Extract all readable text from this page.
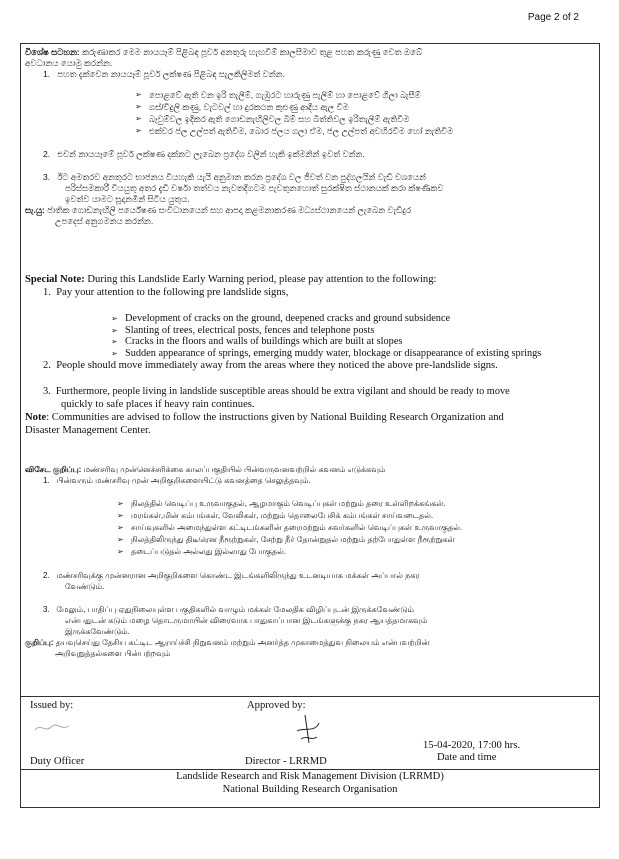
Page 2 of 2
විශේෂ සටහන: කරුණාකර මෙම නායයෑම් පිළිබඳ පූර්ව අනතුරු හැඟවීම් කාලසීමාව තුළ පහත කරුණු වෙත ඔබේ
අවධානය යොමු කරන්න.
1.   පහත දැක්වෙන නායයෑම් පූර්ව ලක්ෂණ පිළිබඳ සැලකිලිමත් වන්න.
➢ පොළවේ ඇති වන ඉරි තැලීම්, ගැඹුරට හාරුණු පැලීම් හා පොළවේ ගිලා බැසීම්
➢ ගස්/විදුලි කණු, වැටවල් හා දුරකථන කුළුණු ආදිය ඇල වීම
➢ බෑවුම්වල ඉදිකර ඇති ගොඩනැඟිලිවල බිම් සහ බිත්තිවල ඉරිතැලීම් ඇතිවීම
➢ එක්වර ජල උල්පත් ඇතිවීම, බොර ජලය ගලා ඒම, ජල උල්පත් අවහිරවීම හෝ නැතිවීම
2.   එවන් නායයෑමේ පූර්ව ලක්ෂණ දක්නට ලැබෙන ප්‍රදේශ වලින් හැකි ඉක්මනින් ඉවත් වන්න.
3.   ඊට අමතරව අනතුරට භාජනය වියහැකි යැයි අනුමාන කරන ප්‍රදේශ වල ජීවත් වන පුද්ගලයින් වැඩි වශයෙන්
පරිස්සමකාරී වියයුතු අතර දැඩි වර්ෂා තත්වය නැවතදිගටම පැවතුනහොත් සුරක්ෂිත ස්ථානයක් කරා ක්ෂණිකව
ඉවත්ව යාමට සූදානමින් සිටිය යුතුය.
සැ.යු: ජාතික ගොඩනැඟිලි පර්යේෂණ සංවිධානයෙන් සහ ආපදා කළමනාකරණ මධ්‍යස්ථානයෙන් ලැබෙන වැඩිදුර
උපදෙස් අනුගමනය කරන්න.
Special Note: During this Landslide Early Warning period, please pay attention to the following:
1.  Pay your attention to the following pre landslide signs,
➢ Development of cracks on the ground, deepened cracks and ground subsidence
➢ Slanting of trees, electrical posts, fences and telephone posts
➢ Cracks in the floors and walls of buildings which are built at slopes
➢ Sudden appearance of springs, emerging muddy water, blockage or disappearance of existing springs
2.  People should move immediately away from the areas where they noticed the above pre-landslide signs.
3.  Furthermore, people living in landslide susceptible areas should be extra vigilant and should be ready to move
quickly to safe places if heavy rain continues.
Note: Communities are advised to follow the instructions given by National Building Research Organization and
Disaster Management Center.
விசேட குறிப்பு: மண்சரிவு முன்னெச்சரிக்கை காலப்பகுதியில் பின்வருவனவற்றில் கவனம் எடுக்கவும்
1.   பின்வரும் மண்சரிவு முன் அறிகுறிகளையிட்டு கவனத்தை செலுத்தவும்.
➢ நிலத்தில் வெடிப்பு உருவாகுதல், ஆழமாகும் வெடிப்புகள் மற்றும் தரை உள்ளிறக்கங்கள்.
➢ மரங்கள்,மின் கம்பங்கள், வேலிகள், மற்றும் தொலைபேசிக் கம்பங்கள் சாய்வடைதல்.
➢ சாய்வுகளில் அமைந்துள்ள கட்டிடங்களின் தரைமற்றும் சுவர்களில் வெடிப்புகள் உருவாகுதல்.
➢ நிலத்திலிருந்து திடீரென நீரூற்றுகள், சேற்று நீர் தோன்றுதல் மற்றும் தற்போதுள்ள நீரூற்றுகள்
➢ தடைப்படுதல் அல்லது இல்லாது போகுதல்.
2.   மண்சரிவுக்கு முன்னரான அறிகுறிகளை கொண்ட இடங்களிலிருந்து உடனடியாக மக்கள் அப்பால் நகர
வேண்டும்.
3.   மேலும், பாதிப்பு ஏதுநிலையுள்ள பகுதிகளில் வாழும் மக்கள் மேலதிக விழிப்புடன் இருக்கவேண்டும்
என்பதுடன் கடும் மழை தொடருமாயின் விரைவாக பாதுகாப்பான இடங்களுக்கு நகர ஆயத்தமாகவும்
இருக்கவேண்டும்.
குறிப்பு: தயவுசெய்து தேசிய கட்டிட ஆராய்ச்சி நிறுவனம் மற்றும் அனர்த்த முகாமைத்துவ நிலையம் என்பவற்றின்
அறிவுறுத்தல்களை பின்பற்றவும்
Issued by:	Approved by:
Duty Officer	Director - LRRMD
15-04-2020, 17:00 hrs.
Date and time
Landslide Research and Risk Management Division (LRRMD)
National Building Research Organisation
